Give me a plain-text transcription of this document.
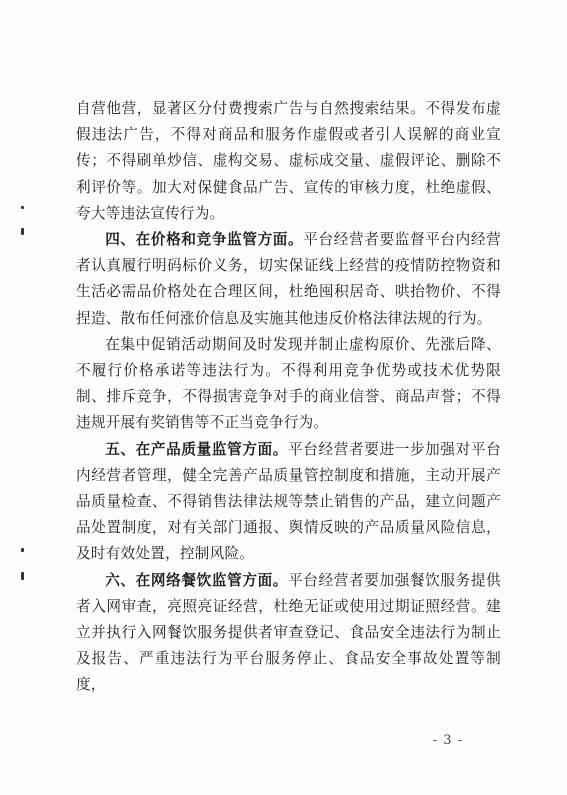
自营他营，显著区分付费搜索广告与自然搜索结果。不得发布虚假违法广告，不得对商品和服务作虚假或者引人误解的商业宣传；不得刷单炒信、虚构交易、虚标成交量、虚假评论、删除不利评价等。加大对保健食品广告、宣传的审核力度，杜绝虚假、夸大等违法宣传行为。

四、在价格和竞争监管方面。平台经营者要监督平台内经营者认真履行明码标价义务，切实保证线上经营的疫情防控物资和生活必需品价格处在合理区间，杜绝囤积居奇、哄抬物价、不得捏造、散布任何涨价信息及实施其他违反价格法律法规的行为。

在集中促销活动期间及时发现并制止虚构原价、先涨后降、不履行价格承诺等违法行为。不得利用竞争优势或技术优势限制、排斥竞争，不得损害竞争对手的商业信誉、商品声誉；不得违规开展有奖销售等不正当竞争行为。

五、在产品质量监管方面。平台经营者要进一步加强对平台内经营者管理，健全完善产品质量管控制度和措施，主动开展产品质量检查、不得销售法律法规等禁止销售的产品，建立问题产品处置制度，对有关部门通报、舆情反映的产品质量风险信息，及时有效处置，控制风险。

六、在网络餐饮监管方面。平台经营者要加强餐饮服务提供者入网审查，亮照亮证经营，杜绝无证或使用过期证照经营。建立并执行入网餐饮服务提供者审查登记、食品安全违法行为制止及报告、严重违法行为平台服务停止、食品安全事故处置等制度，

- 3 -
